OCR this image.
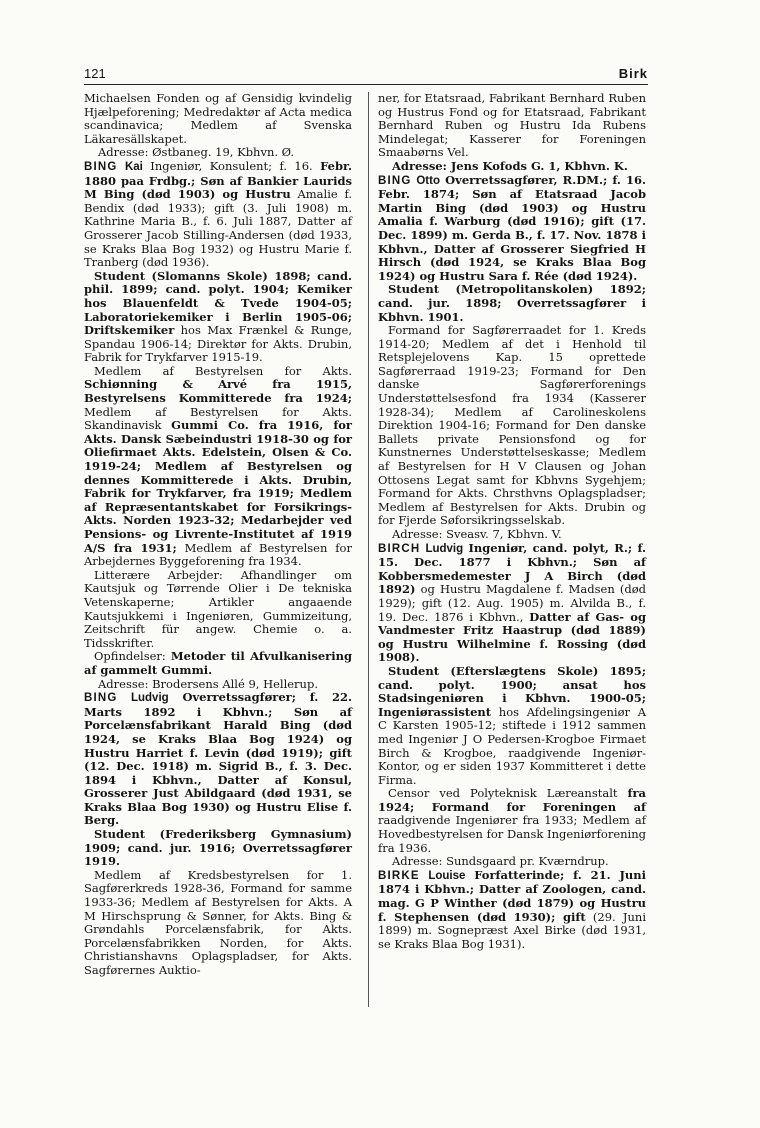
121	Birk

Michaelsen Fonden og af Gensidig kvindelig Hjælpeforening; Medredaktør af Acta medica scandinavica; Medlem af Svenska Läkaresällskapet.

Adresse: Østbaneg. 19, Kbhvn. Ø.

BING Kai Ingeniør, Konsulent; f. 16. Febr. 1880 paa Frdbg.; Søn af Bankier Laurids M Bing (død 1903) og Hustru Amalie f. Bendix (død 1933); gift (3. Juli 1908) m. Kathrine Maria B., f. 6. Juli 1887, Datter af Grosserer Jacob Stilling-Andersen (død 1933, se Kraks Blaa Bog 1932) og Hustru Marie f. Tranberg (død 1936).

Student (Slomanns Skole) 1898; cand. phil. 1899; cand. polyt. 1904; Kemiker hos Blauenfeldt & Tvede 1904-05; Laboratoriekemiker i Berlin 1905-06; Driftskemiker hos Max Frænkel & Runge, Spandau 1906-14; Direktør for Akts. Drubin, Fabrik for Trykfarver 1915-19.

Medlem af Bestyrelsen for Akts. Schiønning & Arvé fra 1915, Bestyrelsens Kommitterede fra 1924; Medlem af Bestyrelsen for Akts. Skandinavisk Gummi Co. fra 1916, for Akts. Dansk Sæbeindustri 1918-30 og for Oliefirmaet Akts. Edelstein, Olsen & Co. 1919-24; Medlem af Bestyrelsen og dennes Kommitterede i Akts. Drubin, Fabrik for Trykfarver, fra 1919; Medlem af Repræsentantskabet for Forsikrings-Akts. Norden 1923-32; Medarbejder ved Pensions- og Livrente-Institutet af 1919 A/S fra 1931; Medlem af Bestyrelsen for Arbejdernes Byggeforening fra 1934.

Litterære Arbejder: Afhandlinger om Kautsjuk og Tørrende Olier i De tekniska Vetenskaperne; Artikler angaaende Kautsjukkemi i Ingeniøren, Gummizeitung, Zeitschrift für angew. Chemie o. a. Tidsskrifter.

Opfindelser: Metoder til Afvulkanisering af gammelt Gummi.

Adresse: Brodersens Allé 9, Hellerup.

BING Ludvig Overretssagfører; f. 22. Marts 1892 i Kbhvn.; Søn af Porcelænsfabrikant Harald Bing (død 1924, se Kraks Blaa Bog 1924) og Hustru Harriet f. Levin (død 1919); gift (12. Dec. 1918) m. Sigrid B., f. 3. Dec. 1894 i Kbhvn., Datter af Konsul, Grosserer Just Abildgaard (død 1931, se Kraks Blaa Bog 1930) og Hustru Elise f. Berg.

Student (Frederiksberg Gymnasium) 1909; cand. jur. 1916; Overretssagfører 1919.

Medlem af Kredsbestyrelsen for 1. Sagførerkreds 1928-36, Formand for samme 1933-36; Medlem af Bestyrelsen for Akts. A M Hirschsprung & Sønner, for Akts. Bing & Grøndahls Porcelænsfabrik, for Akts. Porcelænsfabrikken Norden, for Akts. Christianshavns Oplagspladser, for Akts. Sagførernes Auktio-

ner, for Etatsraad, Fabrikant Bernhard Ruben og Hustrus Fond og for Etatsraad, Fabrikant Bernhard Ruben og Hustru Ida Rubens Mindelegat; Kasserer for Foreningen Smaabørns Vel.

Adresse: Jens Kofods G. 1, Kbhvn. K.

BING Otto Overretssagfører, R.DM.; f. 16. Febr. 1874; Søn af Etatsraad Jacob Martin Bing (død 1903) og Hustru Amalia f. Warburg (død 1916); gift (17. Dec. 1899) m. Gerda B., f. 17. Nov. 1878 i Kbhvn., Datter af Grosserer Siegfried H Hirsch (død 1924, se Kraks Blaa Bog 1924) og Hustru Sara f. Rée (død 1924).

Student (Metropolitanskolen) 1892; cand. jur. 1898; Overretssagfører i Kbhvn. 1901.

Formand for Sagførerraadet for 1. Kreds 1914-20; Medlem af det i Henhold til Retsplejelovens Kap. 15 oprettede Sagførerraad 1919-23; Formand for Den danske Sagførerforenings Understøttelsesfond fra 1934 (Kasserer 1928-34); Medlem af Carolineskolens Direktion 1904-16; Formand for Den danske Ballets private Pensionsfond og for Kunstnernes Understøttelseskasse; Medlem af Bestyrelsen for H V Clausen og Johan Ottosens Legat samt for Kbhvns Sygehjem; Formand for Akts. Chrsthvns Oplagspladser; Medlem af Bestyrelsen for Akts. Drubin og for Fjerde Søforsikringsselskab.

Adresse: Sveasv. 7, Kbhvn. V.

BIRCH Ludvig Ingeniør, cand. polyt, R.; f. 15. Dec. 1877 i Kbhvn.; Søn af Kobbersmedemester J A Birch (død 1892) og Hustru Magdalene f. Madsen (død 1929); gift (12. Aug. 1905) m. Alvilda B., f. 19. Dec. 1876 i Kbhvn., Datter af Gas- og Vandmester Fritz Haastrup (død 1889) og Hustru Wilhelmine f. Rossing (død 1908).

Student (Efterslægtens Skole) 1895; cand. polyt. 1900; ansat hos Stadsingeniøren i Kbhvn. 1900-05; Ingeniørassistent hos Afdelingsingeniør A C Karsten 1905-12; stiftede i 1912 sammen med Ingeniør J O Pedersen-Krogboe Firmaet Birch & Krogboe, raadgivende Ingeniør-Kontor, og er siden 1937 Kommitteret i dette Firma.

Censor ved Polyteknisk Læreanstalt fra 1924; Formand for Foreningen af raadgivende Ingeniører fra 1933; Medlem af Hovedbestyrelsen for Dansk Ingeniørforening fra 1936.

Adresse: Sundsgaard pr. Kværndrup.

BIRKE Louise Forfatterinde; f. 21. Juni 1874 i Kbhvn.; Datter af Zoologen, cand. mag. G P Winther (død 1879) og Hustru f. Stephensen (død 1930); gift (29. Juni 1899) m. Sognepræst Axel Birke (død 1931, se Kraks Blaa Bog 1931).
